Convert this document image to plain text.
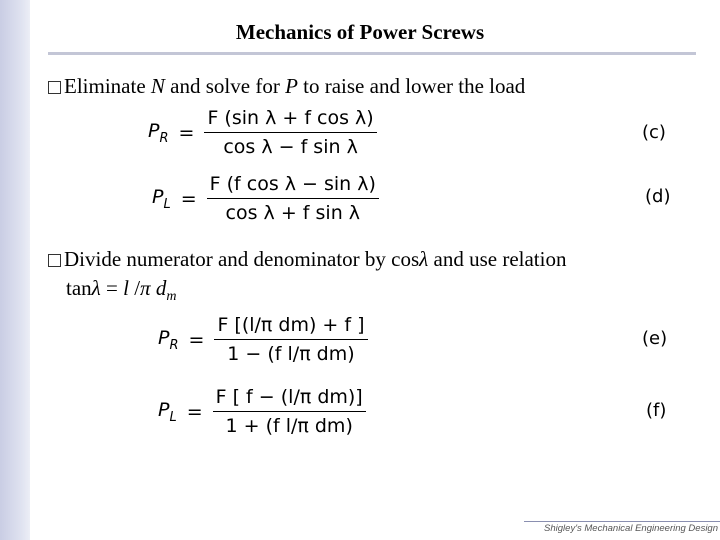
Mechanics of Power Screws
Eliminate N and solve for P to raise and lower the load
$P_R = \frac{\text{F (sin λ + f cos λ)}}{\text{cos λ − f sin λ}}$	(c)
$P_L = \frac{\text{F (f cos λ − sin λ)}}{\text{cos λ + f sin λ}}$	(d)
Divide numerator and denominator by cosλ and use relation
tanλ = l /π $d_m$
$P_R = \frac{\text{F [(l/π dm) + f ]}}{\text{1 − (f l/π dm)}}$	(e)
$P_L = \frac{\text{F [ f − (l/π dm)]}}{\text{1 + (f l/π dm)}}$	(f)
Shigley's Mechanical Engineering Design
